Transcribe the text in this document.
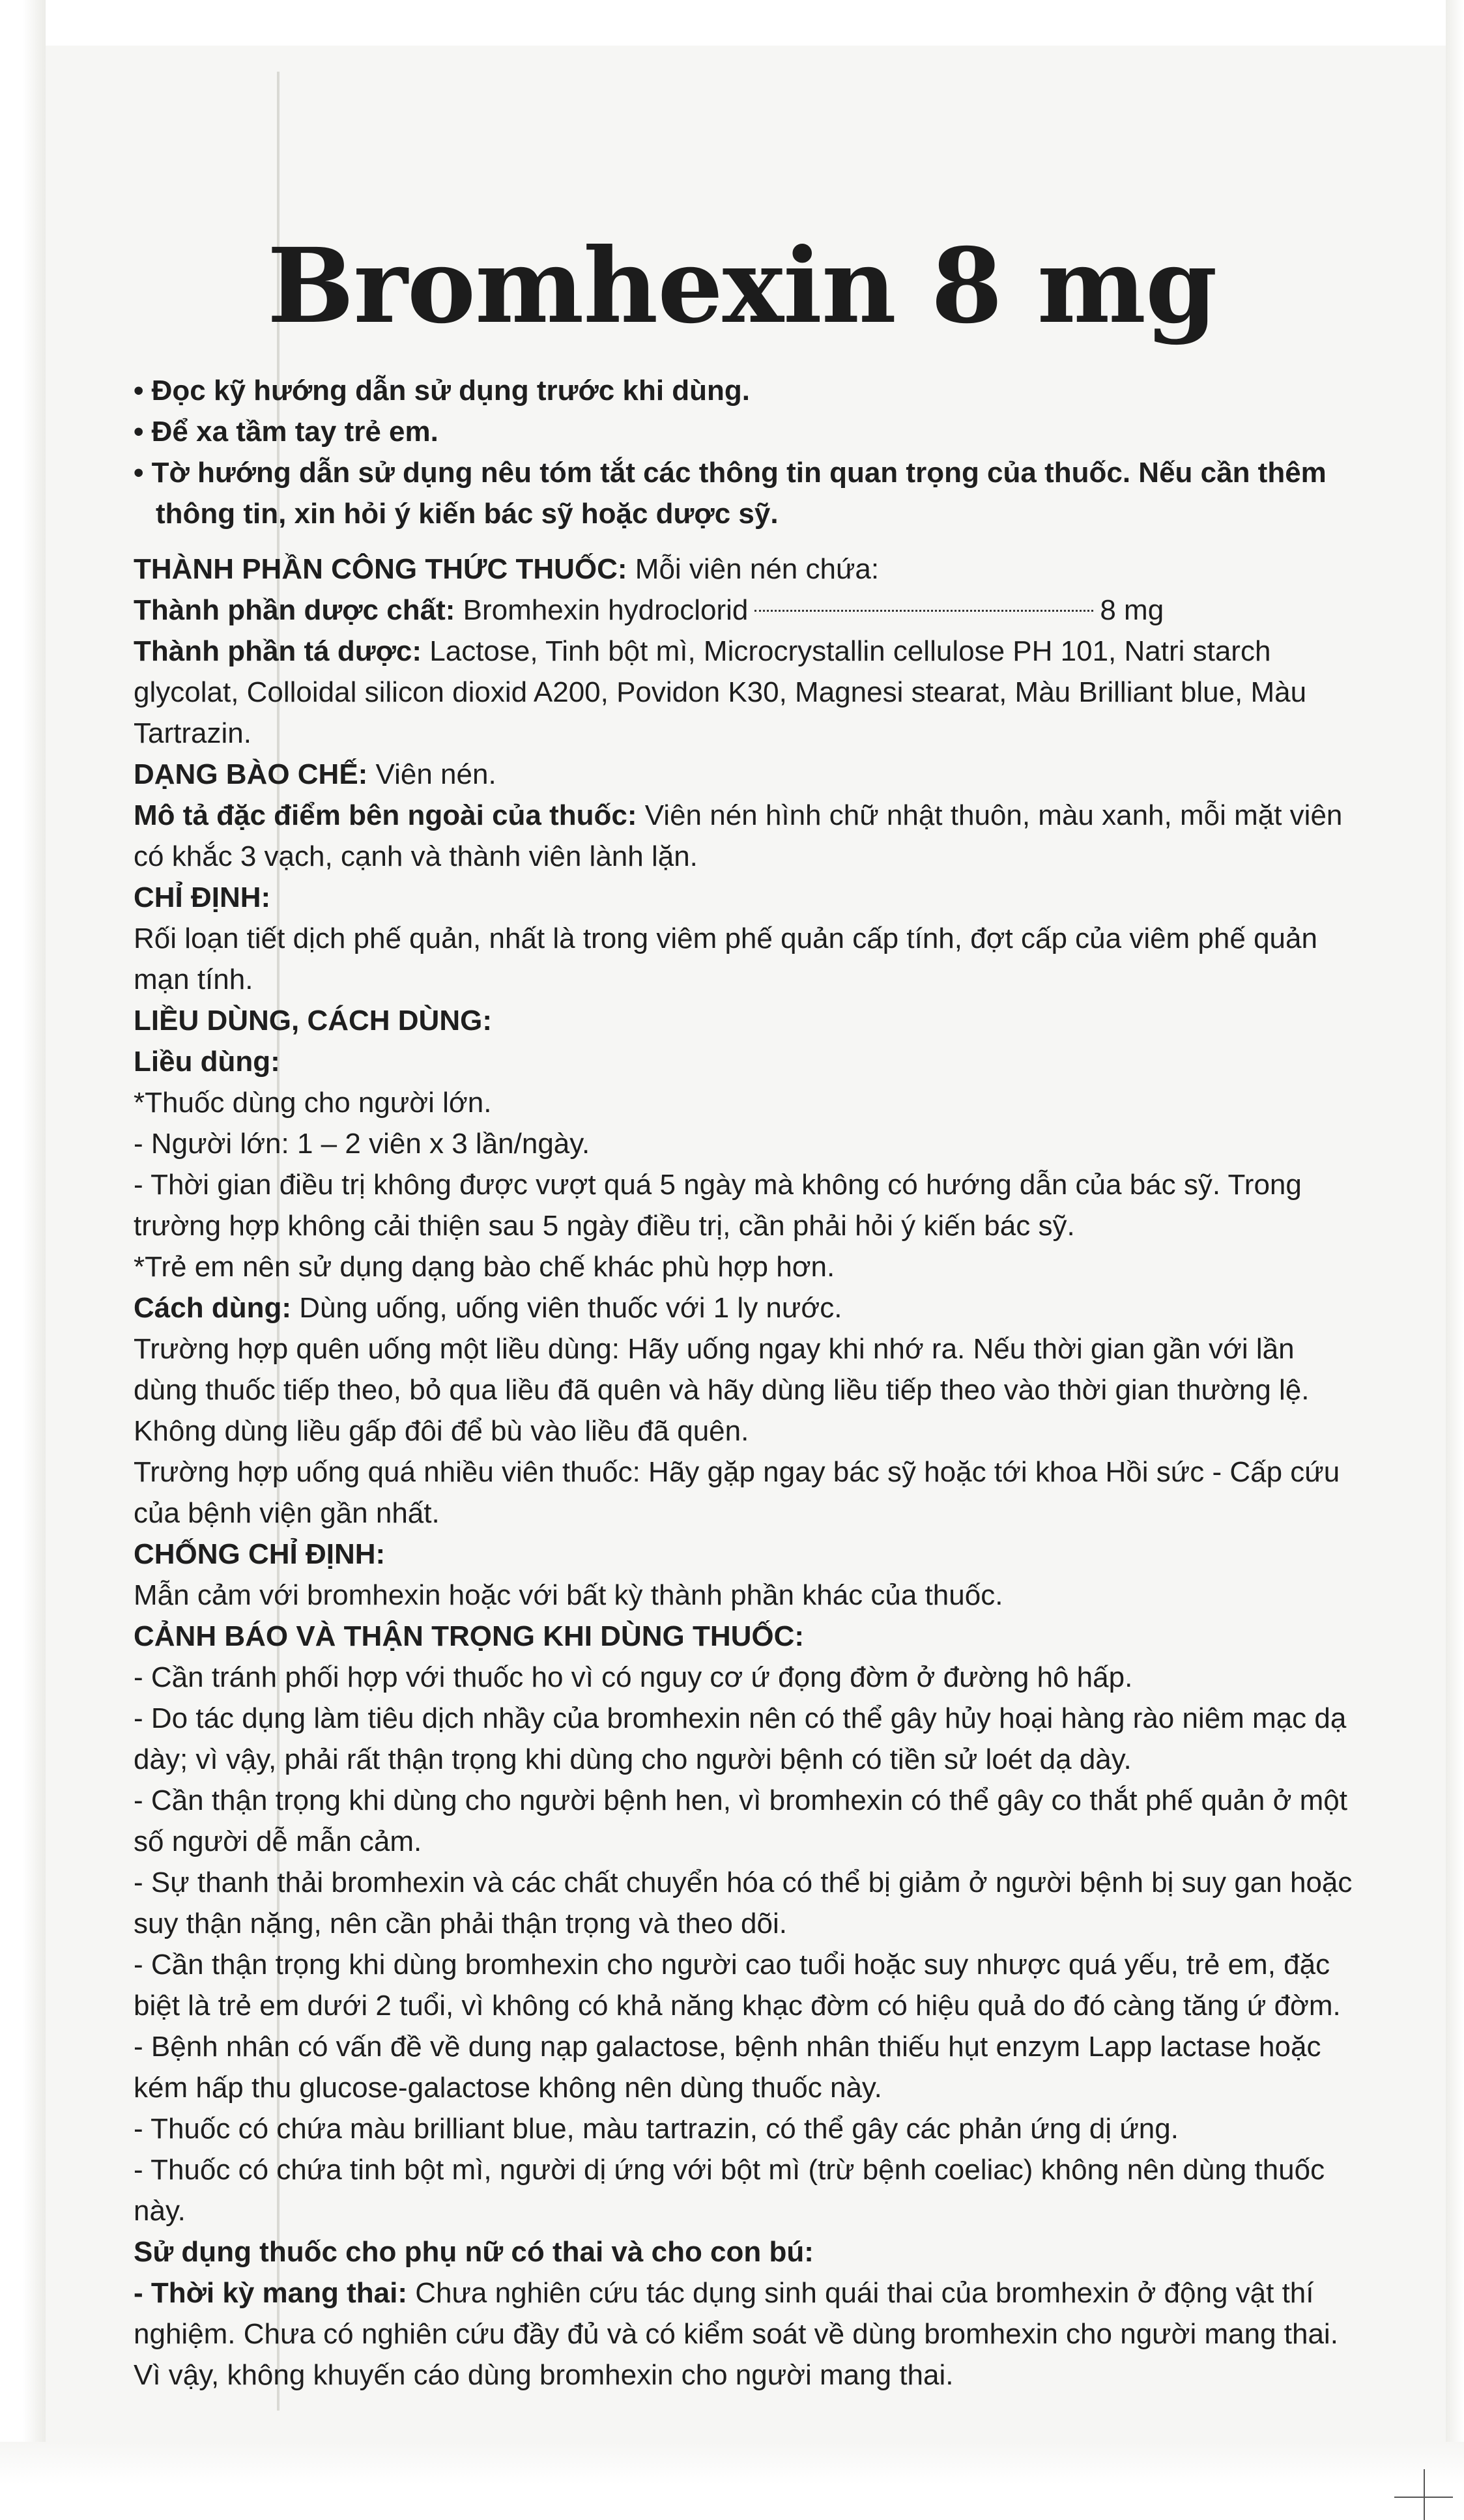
Bromhexin 8 mg

• Đọc kỹ hướng dẫn sử dụng trước khi dùng.

• Để xa tầm tay trẻ em.

• Tờ hướng dẫn sử dụng nêu tóm tắt các thông tin quan trọng của thuốc. Nếu cần thêm thông tin, xin hỏi ý kiến bác sỹ hoặc dược sỹ.

THÀNH PHẦN CÔNG THỨC THUỐC: Mỗi viên nén chứa:

Thành phần dược chất: Bromhexin hydroclorid	8 mg

Thành phần tá dược: Lactose, Tinh bột mì, Microcrystallin cellulose PH 101, Natri starch glycolat, Colloidal silicon dioxid A200, Povidon K30, Magnesi stearat, Màu Brilliant blue, Màu Tartrazin.

DẠNG BÀO CHẾ: Viên nén.

Mô tả đặc điểm bên ngoài của thuốc: Viên nén hình chữ nhật thuôn, màu xanh, mỗi mặt viên có khắc 3 vạch, cạnh và thành viên lành lặn.

CHỈ ĐỊNH:

Rối loạn tiết dịch phế quản, nhất là trong viêm phế quản cấp tính, đợt cấp của viêm phế quản mạn tính.

LIỀU DÙNG, CÁCH DÙNG:

Liều dùng:

*Thuốc dùng cho người lớn.

- Người lớn: 1 – 2 viên x 3 lần/ngày.

- Thời gian điều trị không được vượt quá 5 ngày mà không có hướng dẫn của bác sỹ. Trong trường hợp không cải thiện sau 5 ngày điều trị, cần phải hỏi ý kiến bác sỹ.

*Trẻ em nên sử dụng dạng bào chế khác phù hợp hơn.

Cách dùng: Dùng uống, uống viên thuốc với 1 ly nước.

Trường hợp quên uống một liều dùng: Hãy uống ngay khi nhớ ra. Nếu thời gian gần với lần dùng thuốc tiếp theo, bỏ qua liều đã quên và hãy dùng liều tiếp theo vào thời gian thường lệ. Không dùng liều gấp đôi để bù vào liều đã quên.

Trường hợp uống quá nhiều viên thuốc: Hãy gặp ngay bác sỹ hoặc tới khoa Hồi sức - Cấp cứu của bệnh viện gần nhất.

CHỐNG CHỈ ĐỊNH:

Mẫn cảm với bromhexin hoặc với bất kỳ thành phần khác của thuốc.

CẢNH BÁO VÀ THẬN TRỌNG KHI DÙNG THUỐC:

- Cần tránh phối hợp với thuốc ho vì có nguy cơ ứ đọng đờm ở đường hô hấp.

- Do tác dụng làm tiêu dịch nhầy của bromhexin nên có thể gây hủy hoại hàng rào niêm mạc dạ dày; vì vậy, phải rất thận trọng khi dùng cho người bệnh có tiền sử loét dạ dày.

- Cần thận trọng khi dùng cho người bệnh hen, vì bromhexin có thể gây co thắt phế quản ở một số người dễ mẫn cảm.

- Sự thanh thải bromhexin và các chất chuyển hóa có thể bị giảm ở người bệnh bị suy gan hoặc suy thận nặng, nên cần phải thận trọng và theo dõi.

- Cần thận trọng khi dùng bromhexin cho người cao tuổi hoặc suy nhược quá yếu, trẻ em, đặc biệt là trẻ em dưới 2 tuổi, vì không có khả năng khạc đờm có hiệu quả do đó càng tăng ứ đờm.

- Bệnh nhân có vấn đề về dung nạp galactose, bệnh nhân thiếu hụt enzym Lapp lactase hoặc kém hấp thu glucose-galactose không nên dùng thuốc này.

- Thuốc có chứa màu brilliant blue, màu tartrazin, có thể gây các phản ứng dị ứng.

- Thuốc có chứa tinh bột mì, người dị ứng với bột mì (trừ bệnh coeliac) không nên dùng thuốc này.

Sử dụng thuốc cho phụ nữ có thai và cho con bú:

- Thời kỳ mang thai: Chưa nghiên cứu tác dụng sinh quái thai của bromhexin ở động vật thí nghiệm. Chưa có nghiên cứu đầy đủ và có kiểm soát về dùng bromhexin cho người mang thai. Vì vậy, không khuyến cáo dùng bromhexin cho người mang thai.
